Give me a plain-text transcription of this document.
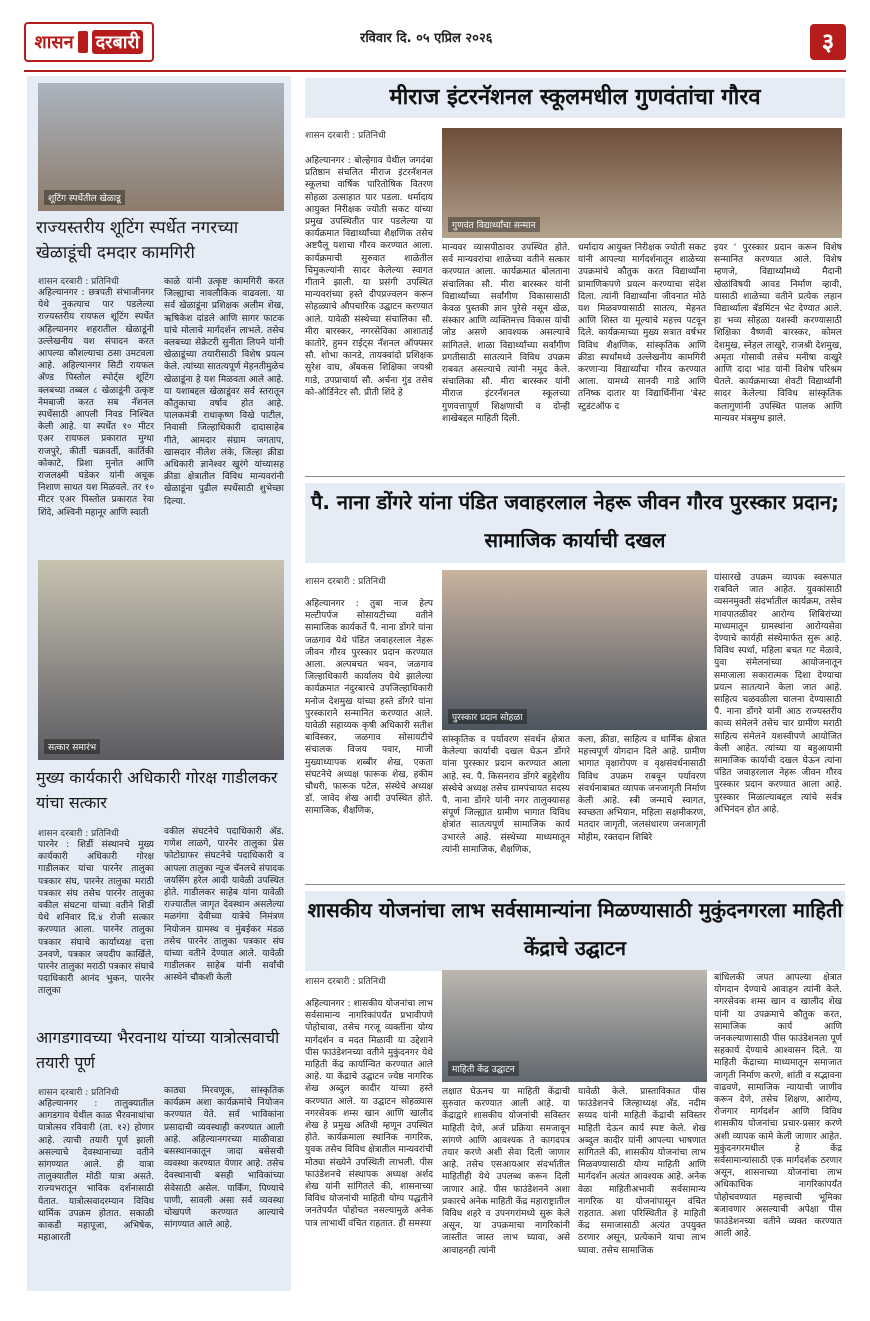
शासन दरबारी	रविवार दि. ०५ एप्रिल २०२६	३
शूटिंग स्पर्धेतील खेळाडू
राज्यस्तरीय शूटिंग स्पर्धेत नगरच्या खेळाडूंची दमदार कामगिरी
शासन दरबारी : प्रतिनिधी
अहिल्यानगर : छत्रपती संभाजीनगर येथे नुकत्याच पार पडलेल्या राज्यस्तरीय रायफल शूटिंग स्पर्धेत अहिल्यानगर शहरातील खेळाडूंनी उल्लेखनीय यश संपादन करत आपल्या कौशल्याचा ठसा उमटवला आहे. अहिल्यानगर सिटी रायफल अँण्ड पिस्तोल स्पोर्ट्स शूटिंग क्लबच्या तब्बल ८ खेळाडूंनी उत्कृष्ट नेमबाजी करत सब नॅशनल स्पर्धेसाठी आपली निवड निश्चित केली आहे. या स्पर्धेत १० मीटर एअर रायफल प्रकारात मुग्धा राजपुरे, कीर्ती चक्रवर्ती, कार्तिकी कोकाटे, प्रिशा मुनोत आणि राजलक्ष्मी घडेकर यांनी अचूक निशाण साधत यश मिळवले. तर १० मीटर एअर पिस्तोल प्रकारात रेवा शिंदे, अश्विनी महानूर आणि स्वाती
काळे यांनी उत्कृष्ट कामगिरी करत जिल्ह्याचा नावलौकिक वाढवला. या सर्व खेळाडूंना प्रशिक्षक अलीम शेख, ऋषिकेश दांडले आणि सागर फाटक यांचे मोलाचे मार्गदर्शन लाभले. तसेच क्लबच्या सेक्रेटरी सुनीता लिपने यांनी खेळाडूंच्या तयारीसाठी विशेष प्रयत्न केले. त्यांच्या सातत्यपूर्ण मेहनतीमुळेच खेळाडूंना हे यश मिळवता आले आहे. या यशाबद्दल खेळाडूंवर सर्व स्तरातून कौतुकाचा वर्षाव होत आहे. पालकमंत्री राधाकृष्ण विखे पाटील, निवासी जिल्हाधिकारी दादासाहेब गीते, आमदार संग्राम जगताप, खासदार नीलेश लंके, जिल्हा क्रीडा अधिकारी ज्ञानेश्वर खुरंगे यांच्यासह क्रीडा क्षेत्रातील विविध मान्यवरांनी खेळाडूंना पुढील स्पर्धेसाठी शुभेच्छा दिल्या.
सत्कार समारंभ
मुख्य कार्यकारी अधिकारी गोरक्ष गाडीलकर यांचा सत्कार
शासन दरबारी : प्रतिनिधी
पारनेर : शिर्डी संस्थानचे मुख्य कार्यकारी अधिकारी गोरक्ष गाडीलकर यांचा पारनेर तालुका पत्रकार संघ, पारनेर तालुका मराठी पत्रकार संघ तसेच पारनेर तालुका वकील संघटना यांच्या वतीने शिर्डी येथे शनिवार दि.४ रोजी सत्कार करण्यात आला. पारनेर तालुका पत्रकार संघाचे कार्याध्यक्ष दत्ता उनवणे, पत्रकार जयदीप कार्खिले, पारनेर तालुका मराठी पत्रकार संघाचे पदाधिकारी आनंद भुकन, पारनेर तालुका
वकील संघटनेचे पदाधिकारी अ‍ॅड. गणेश लाळगे, पारनेर तालुका प्रेस फोटोग्राफर संघटनेचे पदाधिकारी व आपला तालुका न्यूज चॅनलचे संपादक जयसिंग हरेल आदी यावेळी उपस्थित होते. गाडीलकर साहेब यांना यावेळी राज्यातील जागृत देवस्थान असलेल्या मळगंगा देवीच्या यात्रेचे निमंत्रण नियोजन ग्रामस्थ व मुंबईकर मंडळ तसेच पारनेर तालुका पत्रकार संघ यांच्या वतीने देण्यात आले. यावेळी गाडीलकर साहेब यांनी सर्वांची आस्थेने चौकशी केली
आगडगावच्या भैरवनाथ यांच्या यात्रोत्सवाची तयारी पूर्ण
शासन दरबारी : प्रतिनिधी
अहिल्यानगर : तालुक्यातील आगडगाव येथील काळ भैरवनाथांचा यात्रोत्सव रविवारी (ता. १२) होणार आहे. त्याची तयारी पूर्ण झाली असल्याचे देवस्थानाच्या वतीने सांगण्यात आले. ही यात्रा तालुक्यातील मोठी यात्रा असते. राज्यभरातून भाविक दर्शनासाठी येतात. यात्रोत्सवादरम्यान विविध धार्मिक उपक्रम होतात. सकाळी काकडी महापूजा, अभिषेक, महाआरती
काठ्या मिरवणूक, सांस्कृतिक कार्यक्रम अशा कार्यक्रमांचे नियोजन करण्यात येते. सर्व भाविकांना प्रसादाची व्यवस्थाही करण्यात आली आहे. अहिल्यानगरच्या माळीवाडा बसस्थानकातून जादा बसेसची व्यवस्था करण्यात येणार आहे. तसेच देवस्थानाची बसही भाविकांच्या सेवेसाठी असेल. पार्किंग, पिण्याचे पाणी, सावली असा सर्व व्यवस्था चोखपणे करण्यात आल्याचे सांगण्यात आले आहे.
मीराज इंटरनॅशनल स्कूलमधील गुणवंतांचा गौरव
शासन दरबारी : प्रतिनिधी
अहिल्यानगर : बोल्हेगाव येथील जगदंबा प्रतिष्ठान संचलित मीराज इंटरनॅशनल स्कूलचा वार्षिक पारितोषिक वितरण सोहळा उत्साहात पार पडला. धर्मादाय आयुक्त निरीक्षक ज्योती सकट यांच्या प्रमुख उपस्थितीत पार पडलेल्या या कार्यक्रमात विद्यार्थ्यांच्या शैक्षणिक तसेच अष्टपैलू यशाचा गौरव करण्यात आला. कार्यक्रमाची सुरुवात शाळेतील चिमुकल्यांनी सादर केलेल्या स्वागत गीताने झाली. या प्रसंगी उपस्थित मान्यवरांच्या हस्ते दीपप्रज्वलन करून सोहळ्याचे औपचारिक उद्घाटन करण्यात आले. यावेळी संस्थेच्या संचालिका सौ. मीरा बारस्कर, नगरसेविका आशाताई कातोरे, हुमन राईट्स नॅशनल ऑफ्फ्सर सौ. शोभा कानडे, तायक्वांदो प्रशिक्षक सुरेश वाघ, अँबकस शिक्षिका जयश्री गाडे, उपप्राचार्या सौ. अर्चना गुंड तसेच को-ऑर्डिनेटर सौ. प्रीती शिंदे हे
गुणवंत विद्यार्थ्यांचा सन्मान
मान्यवर व्यासपीठावर उपस्थित होते. सर्व मान्यवरांचा शाळेच्या वतीने सत्कार करण्यात आला. कार्यक्रमात बोलताना संचालिका सौ. मीरा बारस्कर यांनी विद्यार्थ्यांच्या सर्वांगीण विकासासाठी केवळ पुस्तकी ज्ञान पुरेसे नसून खेळ, संस्कार आणि व्यक्तिमत्त्व विकास यांची जोड असणे आवश्यक असल्याचे सांगितले. शाळा विद्यार्थ्यांच्या सर्वांगीण प्रगतीसाठी सातत्याने विविध उपक्रम राबवत असल्याचे त्यांनी नमूद केले. संचालिका सौ. मीरा बारस्कर यांनी मीराज इंटरनॅशनल स्कूलच्या गुणवत्तापूर्ण शिक्षणाची व दोन्ही शाखेबद्दल माहिती दिली.
धर्मादाय आयुक्त निरीक्षक ज्योती सकट यांनी आपल्या मार्गदर्शनातून शाळेच्या उपक्रमांचे कौतुक करत विद्यार्थ्यांना प्रामाणिकपणे प्रयत्न करण्याचा संदेश दिला. त्यांनी विद्यार्थ्यांना जीवनात मोठे यश मिळवण्यासाठी सातत्य, मेहनत आणि शिस्त या मूल्यांचे महत्त्व पटवून दिले. कार्यक्रमाच्या मुख्य सत्रात वर्षभर विविध शैक्षणिक, सांस्कृतिक आणि क्रीडा स्पर्धांमध्ये उल्लेखनीय कामगिरी करणाऱ्या विद्यार्थ्यांचा गौरव करण्यात आला. यामध्ये सानवी गाडे आणि तनिष्क दातार या विद्यार्थिनींना 'बेस्ट स्टुडंटऑफ द
इयर ' पुरस्कार प्रदान करून विशेष सन्मानित करण्यात आले. विशेष म्हणजे, विद्यार्थ्यांमध्ये मैदानी खेळांविषयी आवड निर्माण व्हावी, यासाठी शाळेच्या वतीने प्रत्येक लहान विद्यार्थ्याला बॅडमिंटन भेट देण्यात आले. हा भव्य सोहळा यशस्वी करण्यासाठी शिक्षिका वैष्णवी बारस्कर, कोमल देशमुख, स्नेहल लाखुरे, राजश्री देशमुख, अमृता गोसावी तसेच मनीषा वाखुरे आणि दादा भांड यांनी विशेष परिश्रम घेतले. कार्यक्रमाच्या शेवटी विद्यार्थ्यांनी सादर केलेल्या विविध सांस्कृतिक कलागुणांनी उपस्थित पालक आणि मान्यवर मंत्रमुग्ध झाले.
पै. नाना डोंगरे यांना पंडित जवाहरलाल नेहरू जीवन गौरव पुरस्कार प्रदान; सामाजिक कार्याची दखल
शासन दरबारी : प्रतिनिधी
अहिल्यानगर : तुबा नाज हेल्प मल्टीपर्पज सोसायटीच्या वतीने सामाजिक कार्यकर्ते पै. नाना डोंगरे यांना जळगाव येथे पंडित जवाहरलाल नेहरू जीवन गौरव पुरस्कार प्रदान करण्यात आला. अल्पबचत भवन, जळगाव जिल्हाधिकारी कार्यालय येथे झालेल्या कार्यक्रमात नंदुरबारचे उपजिल्हाधिकारी मनोज देशमुख यांच्या हस्ते डोंगरे यांना पुरस्काराने सन्मानित करण्यात आले. यावेळी सहाय्यक कृषी अधिकारी सतीश बाविस्कर, जळगाव सोसायटीचे संचालक विजय पवार, माजी मुख्याध्यापक शब्बीर शेख, एकता संघटनेचे अध्यक्ष फारूक शेख, हकीम चौधरी, फारूक पटेल, संस्थेचे अध्यक्ष डॉ. जावेद शेख आदी उपस्थित होते. सामाजिक, शैक्षणिक,
पुरस्कार प्रदान सोहळा
सांस्कृतिक व पर्यावरण संवर्धन क्षेत्रात केलेल्या कार्याची दखल घेऊन डोंगरे यांना पुरस्कार प्रदान करण्यात आला आहे. स्व. पै. किसनराव डोंगरे बहुद्देशीय संस्थेचे अध्यक्ष तसेच ग्रामपंचायत सदस्य पै. नाना डोंगरे यांनी नगर तालुक्यासह संपूर्ण जिल्ह्यात ग्रामीण भागात विविध क्षेत्रांत सातत्यपूर्ण सामाजिक कार्य उभारले आहे. संस्थेच्या माध्यमातून त्यांनी सामाजिक, शैक्षणिक,
कला, क्रीडा, साहित्य व धार्मिक क्षेत्रात महत्त्वपूर्ण योगदान दिले आहे. ग्रामीण भागात वृक्षारोपण व वृक्षसंवर्धनासाठी विविध उपक्रम राबवून पर्यावरण संवर्धनाबाबत व्यापक जनजागृती निर्माण केली आहे. स्त्री जन्माचे स्वागत, स्वच्छता अभियान, महिला सक्षमीकरण, मतदार जागृती, जलसंधारण जनजागृती मोहीम, रक्तदान शिबिरे
यांसारखे उपक्रम व्यापक स्वरूपात राबविले जात आहेत. युवकांसाठी व्यसनमुक्ती संदर्भातील कार्यक्रम, तसेच गावपातळीवर आरोग्य शिबिरांच्या माध्यमातून ग्रामस्थांना आरोग्यसेवा देण्याचे कार्यही संस्थेमार्फत सुरू आहे. विविध स्पर्धा, महिला बचत गट मेळावे, युवा संमेलनांच्या आयोजनातून समाजाला सकारात्मक दिशा देण्याचा प्रयत्न सातत्याने केला जात आहे. साहित्य चळवळीला चालना देण्यासाठी पै. नाना डोंगरे यांनी आठ राज्यस्तरीय काव्य संमेलने तसेच चार ग्रामीण मराठी साहित्य संमेलने यशस्वीपणे आयोजित केली आहेत. त्यांच्या या बहुआयामी सामाजिक कार्याची दखल घेऊन त्यांना पंडित जवाहरलाल नेहरू जीवन गौरव पुरस्कार प्रदान करण्यात आला आहे. पुरस्कार मिळाल्याबद्दल त्यांचे सर्वत्र अभिनंदन होत आहे.
शासकीय योजनांचा लाभ सर्वसामान्यांना मिळण्यासाठी मुकुंदनगरला माहिती केंद्राचे उद्घाटन
शासन दरबारी : प्रतिनिधी
अहिल्यानगर : शासकीय योजनांचा लाभ सर्वसामान्य नागरिकांपर्यंत प्रभावीपणे पोहोचावा, तसेच गरजू व्यक्तींना योग्य मार्गदर्शन व मदत मिळावी या उद्देशाने पीस फाउंडेशनच्या वतीने मुकुंदनगर येथे माहिती केंद्र कार्यान्वित करण्यात आले आहे. या केंद्राचे उद्घाटन ज्येष्ठ नागरिक शेख अब्दुल कादीर यांच्या हस्ते करण्यात आले. या उद्घाटन सोहळ्यास नगरसेवक शम्स खान आणि खालीद शेख हे प्रमुख अतिथी म्हणून उपस्थित होते. कार्यक्रमाला स्थानिक नागरिक, युवक तसेच विविध क्षेत्रातील मान्यवरांची मोठ्या संख्येने उपस्थिती लाभली. पीस फाउंडेशनचे संस्थापक अध्यक्ष अर्शद शेख यांनी सांगितले की, शासनाच्या विविध योजनांची माहिती योग्य पद्धतीने जनतेपर्यंत पोहोचत नसल्यामुळे अनेक पात्र लाभार्थी वंचित राहतात. ही समस्या
माहिती केंद्र उद्घाटन
लक्षात घेऊनच या माहिती केंद्राची सुरुवात करण्यात आली आहे. या केंद्राद्वारे शासकीय योजनांची सविस्तर माहिती देणे, अर्ज प्रक्रिया समजावून सांगणे आणि आवश्यक ते कागदपत्र तयार करणे अशी सेवा दिली जाणार आहे. तसेच एसआयआर संदर्भातील माहितीही येथे उपलब्ध करून दिली जाणार आहे. पीस फाउंडेशनने अशा प्रकारचे अनेक माहिती केंद्र महाराष्ट्रातील विविध शहरे व उपनगरांमध्ये सुरू केले असून, या उपक्रमाचा नागरिकांनी जास्तीत जास्त लाभ घ्यावा, असे आवाहनही त्यांनी
यावेळी केले. प्रास्ताविकात पीस फाउंडेशनचे जिल्हाध्यक्ष अ‍ॅड. नदीम सय्यद यांनी माहिती केंद्राची सविस्तर माहिती देऊन कार्य स्पष्ट केले. शेख अब्दुल कादीर यांनी आपल्या भाषणात सांगितले की, शासकीय योजनांचा लाभ मिळवण्यासाठी योग्य माहिती आणि मार्गदर्शन अत्यंत आवश्यक आहे. अनेक वेळा माहितीअभावी सर्वसामान्य नागरिक या योजनांपासून वंचित राहतात. अशा परिस्थितीत हे माहिती केंद्र समाजासाठी अत्यंत उपयुक्त ठरणार असून, प्रत्येकाने याचा लाभ घ्यावा. तसेच सामाजिक
बांधिलकी जपत आपल्या क्षेत्रात योगदान देण्याचे आवाहन त्यांनी केले. नगरसेवक शम्स खान व खालीद शेख यांनी या उपक्रमाचे कौतुक करत, सामाजिक कार्य आणि जनकल्याणासाठी पीस फाउंडेशनला पूर्ण सहकार्य देण्याचे आश्वासन दिले. या माहिती केंद्राच्या माध्यमातून समाजात जागृती निर्माण करणे, शांती व सद्भावना वाढवणे, सामाजिक न्यायाची जाणीव करून देणे, तसेच शिक्षण, आरोग्य, रोजगार मार्गदर्शन आणि विविध शासकीय योजनांचा प्रचार-प्रसार करणे अशी व्यापक कामे केली जाणार आहेत. मुकुंदनगरमधील हे केंद्र सर्वसामान्यांसाठी एक मार्गदर्शक ठरणार असून, शासनाच्या योजनांचा लाभ अधिकाधिक नागरिकांपर्यंत पोहोचवण्यात महत्त्वाची भूमिका बजावणार असल्याची अपेक्षा पीस फाउंडेशनच्या वतीने व्यक्त करण्यात आली आहे.
